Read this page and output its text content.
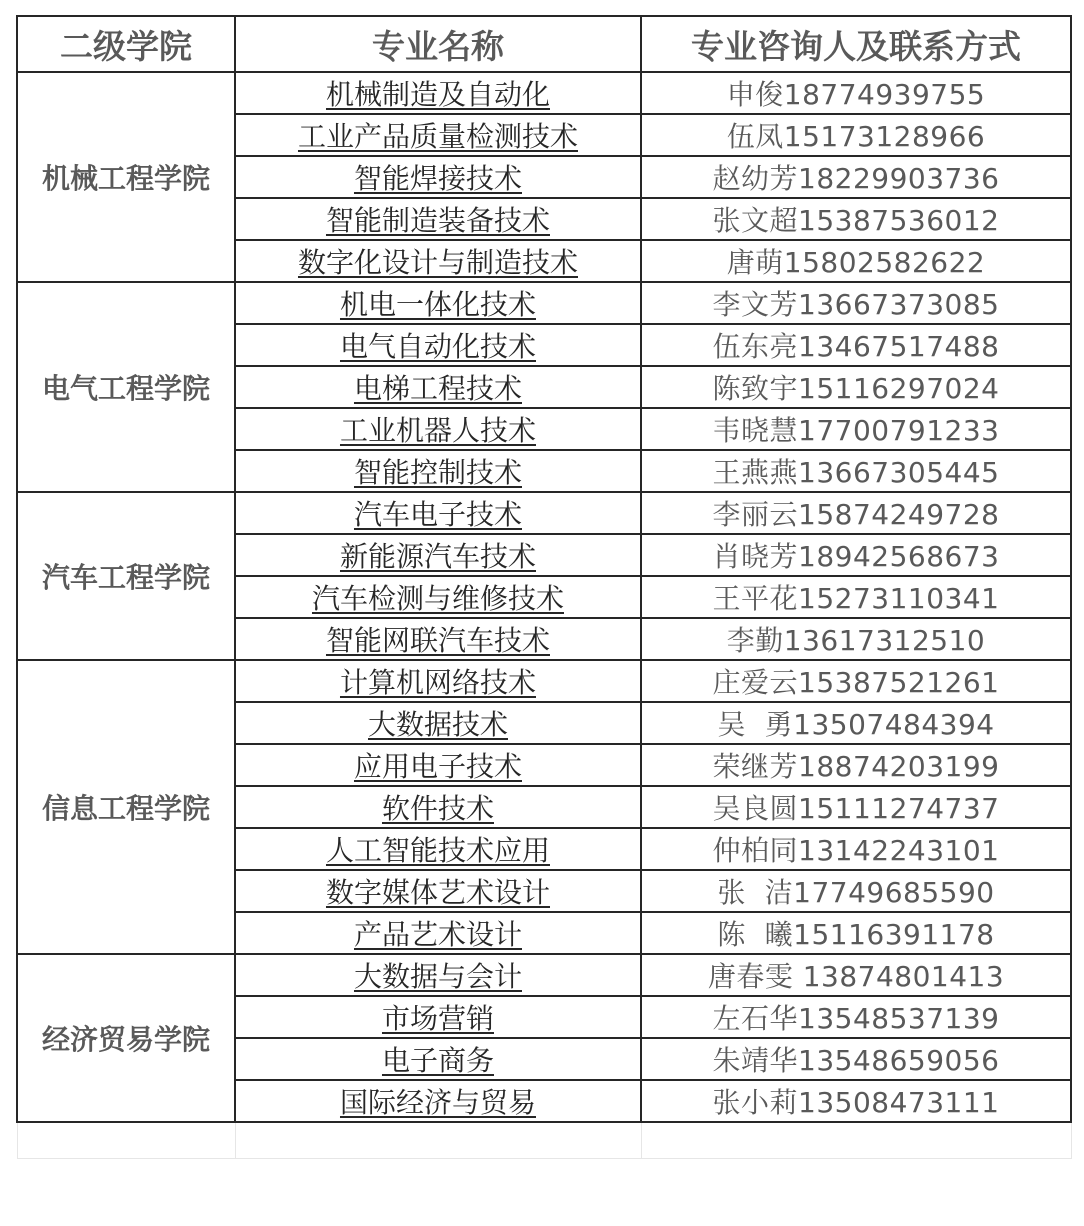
二级学院	专业名称	专业咨询人及联系方式
机械工程学院	机械制造及自动化	申俊18774939755
	工业产品质量检测技术	伍凤15173128966
	智能焊接技术	赵幼芳18229903736
	智能制造装备技术	张文超15387536012
	数字化设计与制造技术	唐萌15802582622
电气工程学院	机电一体化技术	李文芳13667373085
	电气自动化技术	伍东亮13467517488
	电梯工程技术	陈致宇15116297024
	工业机器人技术	韦晓慧17700791233
	智能控制技术	王燕燕13667305445
汽车工程学院	汽车电子技术	李丽云15874249728
	新能源汽车技术	肖晓芳18942568673
	汽车检测与维修技术	王平花15273110341
	智能网联汽车技术	李勤13617312510
信息工程学院	计算机网络技术	庄爱云15387521261
	大数据技术	吴  勇13507484394
	应用电子技术	荣继芳18874203199
	软件技术	吴良圆15111274737
	人工智能技术应用	仲柏同13142243101
	数字媒体艺术设计	张  洁17749685590
	产品艺术设计	陈  曦15116391178
经济贸易学院	大数据与会计	唐春雯 13874801413
	市场营销	左石华13548537139
	电子商务	朱靖华13548659056
	国际经济与贸易	张小莉13508473111
